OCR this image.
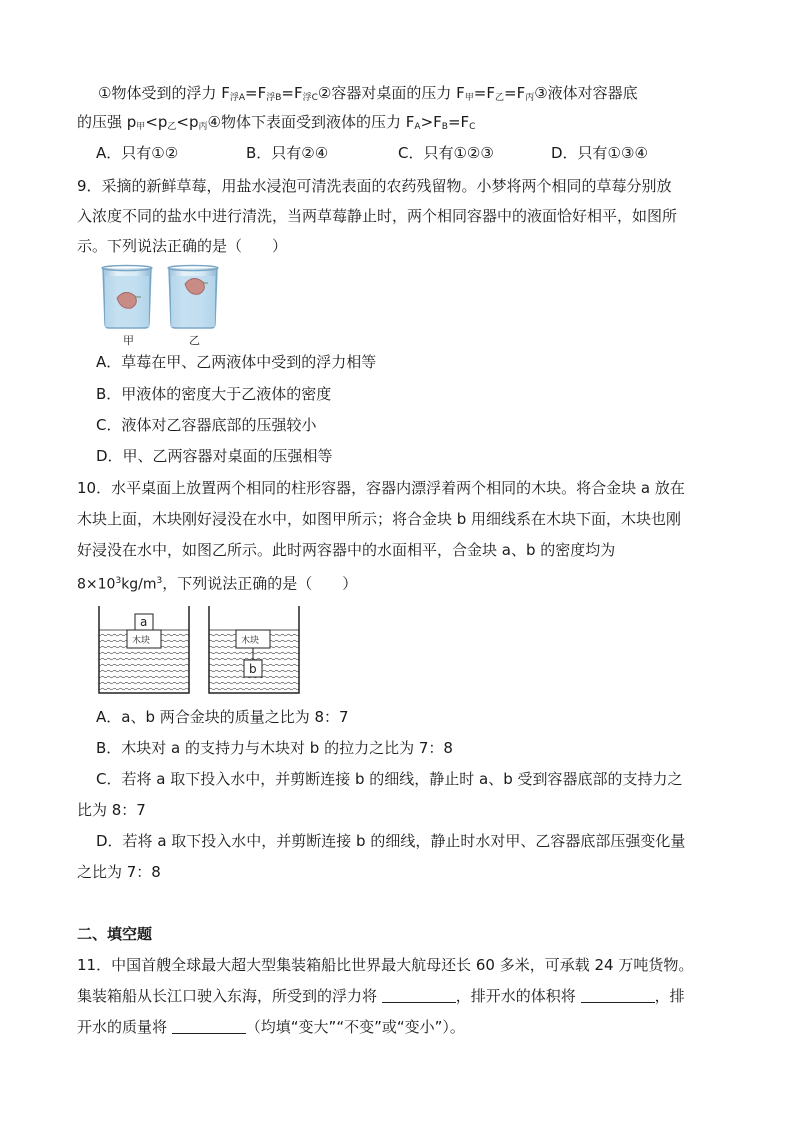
①物体受到的浮力 $F_{浮A}=F_{浮B}=F_{浮C}②$容器对桌面的压力 $F_甲=F_乙=F_丙③$液体对容器底
的压强 $p_甲<p_乙<p_丙④$物体下表面受到液体的压力 $F_A>F_B=F_C$
A．只有①②	B．只有②④	C．只有①②③	D．只有①③④
9．采摘的新鲜草莓，用盐水浸泡可清洗表面的农药残留物。小梦将两个相同的草莓分别放
入浓度不同的盐水中进行清洗，当两草莓静止时，两个相同容器中的液面恰好相平，如图所
示。下列说法正确的是（　　）
甲	乙
A．草莓在甲、乙两液体中受到的浮力相等
B．甲液体的密度大于乙液体的密度
C．液体对乙容器底部的压强较小
D．甲、乙两容器对桌面的压强相等
10．水平桌面上放置两个相同的柱形容器，容器内漂浮着两个相同的木块。将合金块 a 放在
木块上面，木块刚好浸没在水中，如图甲所示；将合金块 b 用细线系在木块下面，木块也刚
好浸没在水中，如图乙所示。此时两容器中的水面相平，合金块 a、b 的密度均为
$8\times 10^3kg/m^3$，下列说法正确的是（　　）
木块
a
木块
b
A．a、b 两合金块的质量之比为 8：7
B．木块对 a 的支持力与木块对 b 的拉力之比为 7：8
C．若将 a 取下投入水中，并剪断连接 b 的细线，静止时 a、b 受到容器底部的支持力之
比为 8：7
D．若将 a 取下投入水中，并剪断连接 b 的细线，静止时水对甲、乙容器底部压强变化量
之比为 7：8
二、填空题
11．中国首艘全球最大超大型集装箱船比世界最大航母还长 60 多米，可承载 24 万吨货物。
集装箱船从长江口驶入东海，所受到的浮力将	，排开水的体积将	，排
开水的质量将	（均填“变大”“不变”或“变小”）。
